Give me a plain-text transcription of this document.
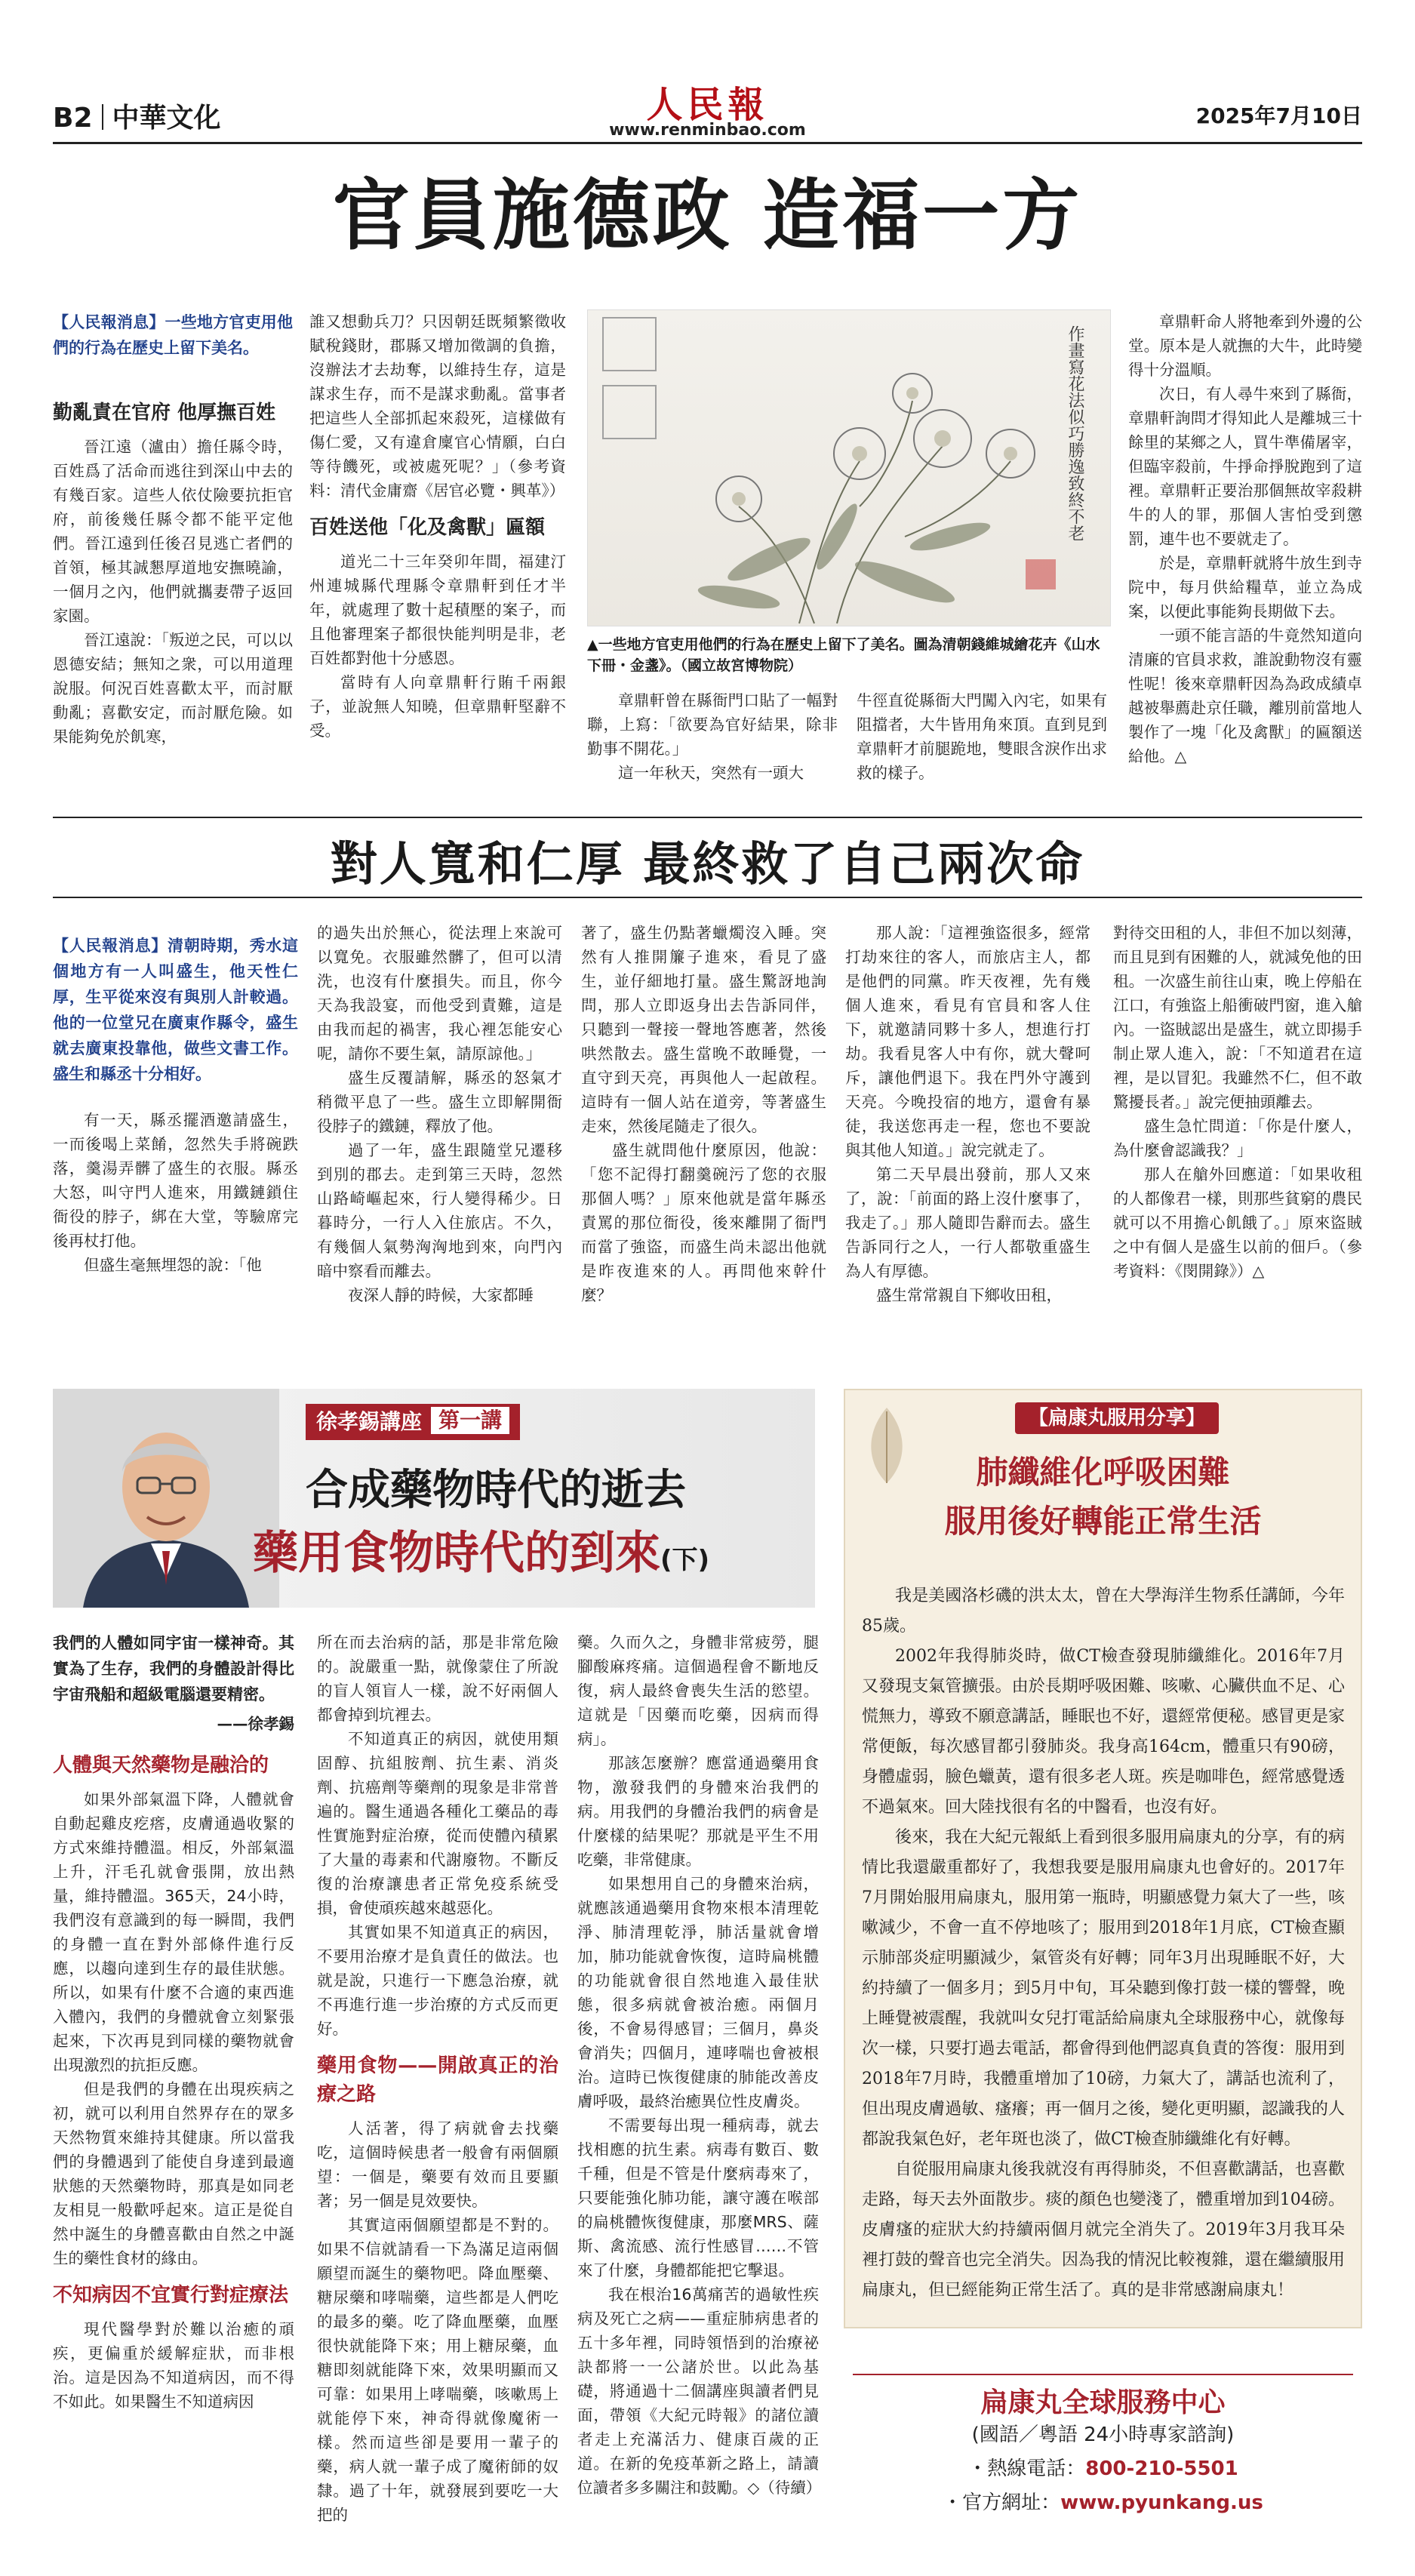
B2 中華文化	人民報
www.renminbao.com
2025年7月10日
官員施德政 造福一方
【人民報消息】一些地方官吏用他們的行為在歷史上留下美名。
勤亂責在官府 他厚撫百姓

晉江遠（瀘由）擔任縣令時，百姓爲了活命而逃往到深山中去的有幾百家。這些人依仗險要抗拒官府，前後幾任縣令都不能平定他們。晉江遠到任後召見逃亡者們的首領，極其誠懇厚道地安撫曉諭，一個月之內，他們就攜妻帶子返回家園。

晉江遠說：「叛逆之民，可以以恩德安結；無知之衆，可以用道理說服。何況百姓喜歡太平，而討厭動亂；喜歡安定，而討厭危險。如果能夠免於飢寒，

誰又想動兵刀？只因朝廷既頻繁徵收賦稅錢財，郡縣又增加徵調的負擔，沒辦法才去劫奪，以維持生存，這是謀求生存，而不是謀求動亂。當事者把這些人全部抓起來殺死，這樣做有傷仁愛，又有違倉廩官心情願，白白等待饑死，或被處死呢？」（參考資料：清代金庸齋《居官必覽・興革》）

百姓送他「化及禽獸」匾額

道光二十三年癸卯年間，福建汀州連城縣代理縣令章鼎軒到任才半年，就處理了數十起積壓的案子，而且他審理案子都很快能判明是非，老百姓都對他十分感恩。

當時有人向章鼎軒行賄千兩銀子，並說無人知曉，但章鼎軒堅辭不受。

作畫寫花法似巧勝逸致終不老
▲一些地方官吏用他們的行為在歷史上留下了美名。圖為清朝錢維城繪花卉《山水下冊・金盞》。（國立故宮博物院）

章鼎軒曾在縣衙門口貼了一幅對聯，上寫：「欲要為官好結果，除非勤事不開花。」

這一年秋天，突然有一頭大

牛徑直從縣衙大門闖入內宅，如果有阻擋者，大牛皆用角來頂。直到見到章鼎軒才前腿跪地，雙眼含淚作出求救的樣子。

章鼎軒命人將牠牽到外邊的公堂。原本是人就撫的大牛，此時變得十分溫順。

次日，有人尋牛來到了縣衙，章鼎軒詢問才得知此人是離城三十餘里的某鄉之人，買牛準備屠宰，但臨宰殺前，牛掙命掙脫跑到了這裡。章鼎軒正要治那個無故宰殺耕牛的人的罪，那個人害怕受到懲罰，連牛也不要就走了。

於是，章鼎軒就將牛放生到寺院中，每月供給糧草，並立為成案，以便此事能夠長期做下去。

一頭不能言語的牛竟然知道向清廉的官員求救，誰說動物沒有靈性呢！後來章鼎軒因為為政成績卓越被舉薦赴京任職，離別前當地人製作了一塊「化及禽獸」的匾額送給他。△

對人寬和仁厚 最終救了自己兩次命
【人民報消息】清朝時期，秀水這個地方有一人叫盛生，他天性仁厚，生平從來沒有與別人計較過。他的一位堂兄在廣東作縣令，盛生就去廣東投靠他，做些文書工作。盛生和縣丞十分相好。

有一天，縣丞擺酒邀請盛生，一而後喝上菜餚，忽然失手將碗跌落，羹湯弄髒了盛生的衣服。縣丞大怒，叫守門人進來，用鐵鏈鎖住衙役的脖子，綁在大堂，等驗席完後再杖打他。

但盛生毫無埋怨的說：「他

的過失出於無心，從法理上來說可以寬免。衣服雖然髒了，但可以清洗，也沒有什麼損失。而且，你今天為我設宴，而他受到責難，這是由我而起的禍害，我心裡怎能安心呢，請你不要生氣，請原諒他。」

盛生反覆請解，縣丞的怒氣才稍微平息了一些。盛生立即解開衙役脖子的鐵鏈，釋放了他。

過了一年，盛生跟隨堂兄遷移到別的郡去。走到第三天時，忽然山路崎嶇起來，行人變得稀少。日暮時分，一行人入住旅店。不久，有幾個人氣勢洶洶地到來，向門內暗中察看而離去。

夜深人靜的時候，大家都睡

著了，盛生仍點著蠟燭沒入睡。突然有人推開簾子進來，看見了盛生，並仔細地打量。盛生驚訝地詢問，那人立即返身出去告訴同伴，只聽到一聲接一聲地答應著，然後哄然散去。盛生當晚不敢睡覺，一直守到天亮，再與他人一起啟程。這時有一個人站在道旁，等著盛生走來，然後尾隨走了很久。

盛生就問他什麼原因，他說：「您不記得打翻羹碗污了您的衣服那個人嗎？」原來他就是當年縣丞責罵的那位衙役，後來離開了衙門而當了強盜，而盛生尚未認出他就是昨夜進來的人。再問他來幹什麼？

那人說：「這裡強盜很多，經常打劫來往的客人，而旅店主人，都是他們的同黨。昨天夜裡，先有幾個人進來，看見有官員和客人住下，就邀請同夥十多人，想進行打劫。我看見客人中有你，就大聲呵斥，讓他們退下。我在門外守護到天亮。今晚投宿的地方，還會有暴徒，我送您再走一程，您也不要說與其他人知道。」說完就走了。

第二天早晨出發前，那人又來了，說：「前面的路上沒什麼事了，我走了。」那人隨即告辭而去。盛生告訴同行之人，一行人都敬重盛生為人有厚德。

盛生常常親自下鄉收田租，

對待交田租的人，非但不加以刻薄，而且見到有困難的人，就減免他的田租。一次盛生前往山東，晚上停船在江口，有強盜上船衝破門窗，進入艙內。一盜賊認出是盛生，就立即揚手制止眾人進入，說：「不知道君在這裡，是以冒犯。我雖然不仁，但不敢驚擾長者。」說完便抽頭離去。

盛生急忙問道：「你是什麼人，為什麼會認識我？」

那人在艙外回應道：「如果收租的人都像君一樣，則那些貧窮的農民就可以不用擔心飢餓了。」原來盜賊之中有個人是盛生以前的佃戶。（參考資料：《閔開錄》）△

徐孝錫講座 第一講
合成藥物時代的逝去
藥用食物時代的到來(下)
我們的人體如同宇宙一樣神奇。其實為了生存，我們的身體設計得比宇宙飛船和超級電腦還要精密。
——徐孝錫
人體與天然藥物是融洽的

如果外部氣溫下降，人體就會自動起雞皮疙瘩，皮膚通過收緊的方式來維持體溫。相反，外部氣溫上升，汗毛孔就會張開，放出熱量，維持體溫。365天，24小時，我們沒有意識到的每一瞬間，我們的身體一直在對外部條件進行反應，以趨向達到生存的最佳狀態。所以，如果有什麼不合適的東西進入體內，我們的身體就會立刻緊張起來，下次再見到同樣的藥物就會出現激烈的抗拒反應。

但是我們的身體在出現疾病之初，就可以利用自然界存在的眾多天然物質來維持其健康。所以當我們的身體遇到了能使自身達到最適狀態的天然藥物時，那真是如同老友相見一般歡呼起來。這正是從自然中誕生的身體喜歡由自然之中誕生的藥性食材的緣由。

不知病因不宜實行對症療法

現代醫學對於難以治癒的頑疾，更偏重於緩解症狀，而非根治。這是因為不知道病因，而不得不如此。如果醫生不知道病因

所在而去治病的話，那是非常危險的。說嚴重一點，就像蒙住了所說的盲人領盲人一樣，說不好兩個人都會掉到坑裡去。

不知道真正的病因，就使用類固醇、抗組胺劑、抗生素、消炎劑、抗癌劑等藥劑的現象是非常普遍的。醫生通過各種化工藥品的毒性實施對症治療，從而使體內積累了大量的毒素和代謝廢物。不斷反復的治療讓患者正常免疫系統受損，會使頑疾越來越惡化。

其實如果不知道真正的病因，不要用治療才是負責任的做法。也就是說，只進行一下應急治療，就不再進行進一步治療的方式反而更好。

藥用食物——開啟真正的治療之路

人活著，得了病就會去找藥吃，這個時候患者一般會有兩個願望：一個是，藥要有效而且要顯著；另一個是見效要快。

其實這兩個願望都是不對的。如果不信就請看一下為滿足這兩個願望而誕生的藥物吧。降血壓藥、糖尿藥和哮喘藥，這些都是人們吃的最多的藥。吃了降血壓藥，血壓很快就能降下來；用上糖尿藥，血糖即刻就能降下來，效果明顯而又可靠：如果用上哮喘藥，咳嗽馬上就能停下來，神奇得就像魔術一樣。然而這些卻是要用一輩子的藥，病人就一輩子成了魔術師的奴隸。過了十年，就發展到要吃一大把的

藥。久而久之，身體非常疲勞，腿腳酸麻疼痛。這個過程會不斷地反復，病人最終會喪失生活的慾望。這就是「因藥而吃藥，因病而得病」。

那該怎麼辦？應當通過藥用食物，激發我們的身體來治我們的病。用我們的身體治我們的病會是什麼樣的結果呢？那就是平生不用吃藥，非常健康。

如果想用自己的身體來治病，就應該通過藥用食物來根本清理乾淨、肺清理乾淨，肺活量就會增加，肺功能就會恢復，這時扁桃體的功能就會很自然地進入最佳狀態，很多病就會被治癒。兩個月後，不會易得感冒；三個月，鼻炎會消失；四個月，連哮喘也會被根治。這時已恢復健康的肺能改善皮膚呼吸，最終治癒異位性皮膚炎。

不需要每出現一種病毒，就去找相應的抗生素。病毒有數百、數千種，但是不管是什麼病毒來了，只要能強化肺功能，讓守護在喉部的扁桃體恢復健康，那麼MRS、薩斯、禽流感、流行性感冒……不管來了什麼，身體都能把它擊退。

我在根治16萬痛苦的過敏性疾病及死亡之病——重症肺病患者的五十多年裡，同時領悟到的治療祕訣都將一一公諸於世。以此為基礎，將通過十二個講座與讀者們見面，帶領《大紀元時報》的諸位讀者走上充滿活力、健康百歲的正道。在新的免疫革新之路上，請讀位讀者多多關注和鼓勵。◇（待續）

【扁康丸服用分享】
肺纖維化呼吸困難
服用後好轉能正常生活

我是美國洛杉磯的洪太太，曾在大學海洋生物系任講師，今年85歲。

2002年我得肺炎時，做CT檢查發現肺纖維化。2016年7月又發現支氣管擴張。由於長期呼吸困難、咳嗽、心臟供血不足、心慌無力，導致不願意講話，睡眠也不好，還經常便秘。感冒更是家常便飯，每次感冒都引發肺炎。我身高164cm，體重只有90磅，身體虛弱，臉色蠟黃，還有很多老人斑。疾是咖啡色，經常感覺透不過氣來。回大陸找很有名的中醫看，也沒有好。

後來，我在大紀元報紙上看到很多服用扁康丸的分享，有的病情比我還嚴重都好了，我想我要是服用扁康丸也會好的。2017年7月開始服用扁康丸，服用第一瓶時，明顯感覺力氣大了一些，咳嗽減少，不會一直不停地咳了；服用到2018年1月底，CT檢查顯示肺部炎症明顯減少，氣管炎有好轉；同年3月出現睡眠不好，大約持續了一個多月；到5月中旬，耳朵聽到像打鼓一樣的響聲，晚上睡覺被震醒，我就叫女兒打電話給扁康丸全球服務中心，就像每次一樣，只要打過去電話，都會得到他們認真負責的答復：服用到2018年7月時，我體重增加了10磅，力氣大了，講話也流利了，但出現皮膚過敏、瘙癢；再一個月之後，變化更明顯，認識我的人都說我氣色好，老年斑也淡了，做CT檢查肺纖維化有好轉。

自從服用扁康丸後我就沒有再得肺炎，不但喜歡講話，也喜歡走路，每天去外面散步。痰的顏色也變淺了，體重增加到104磅。皮膚瘙的症狀大約持續兩個月就完全消失了。2019年3月我耳朵裡打鼓的聲音也完全消失。因為我的情況比較複雜，還在繼續服用扁康丸，但已經能夠正常生活了。真的是非常感謝扁康丸！

扁康丸全球服務中心
(國語／粵語 24小時專家諮詢)
・熱線電話：800-210-5501
・官方網址：www.pyunkang.us
